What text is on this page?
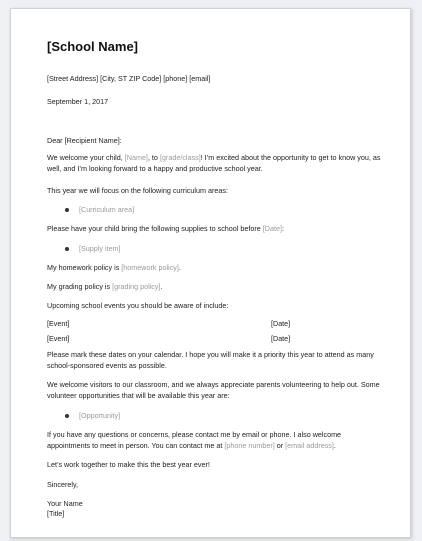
[School Name]
[Street Address] [City, ST ZIP Code] [phone] [email]
September 1, 2017
Dear [Recipient Name]:
We welcome your child, [Name], to [grade/class]! I’m excited about the opportunity to get to know you, as well, and I’m looking forward to a happy and productive school year.
This year we will focus on the following curriculum areas:
[Curriculum area]
Please have your child bring the following supplies to school before [Date]:
[Supply item]
My homework policy is [homework policy].
My grading policy is [grading policy].
Upcoming school events you should be aware of include:
[Event]	[Date]
[Event]	[Date]
Please mark these dates on your calendar. I hope you will make it a priority this year to attend as many school-sponsored events as possible.
We welcome visitors to our classroom, and we always appreciate parents volunteering to help out. Some volunteer opportunities that will be available this year are:
[Opportunity]
If you have any questions or concerns, please contact me by email or phone. I also welcome appointments to meet in person. You can contact me at [phone number] or [email address].
Let’s work together to make this the best year ever!
Sincerely,
Your Name
[Title]
